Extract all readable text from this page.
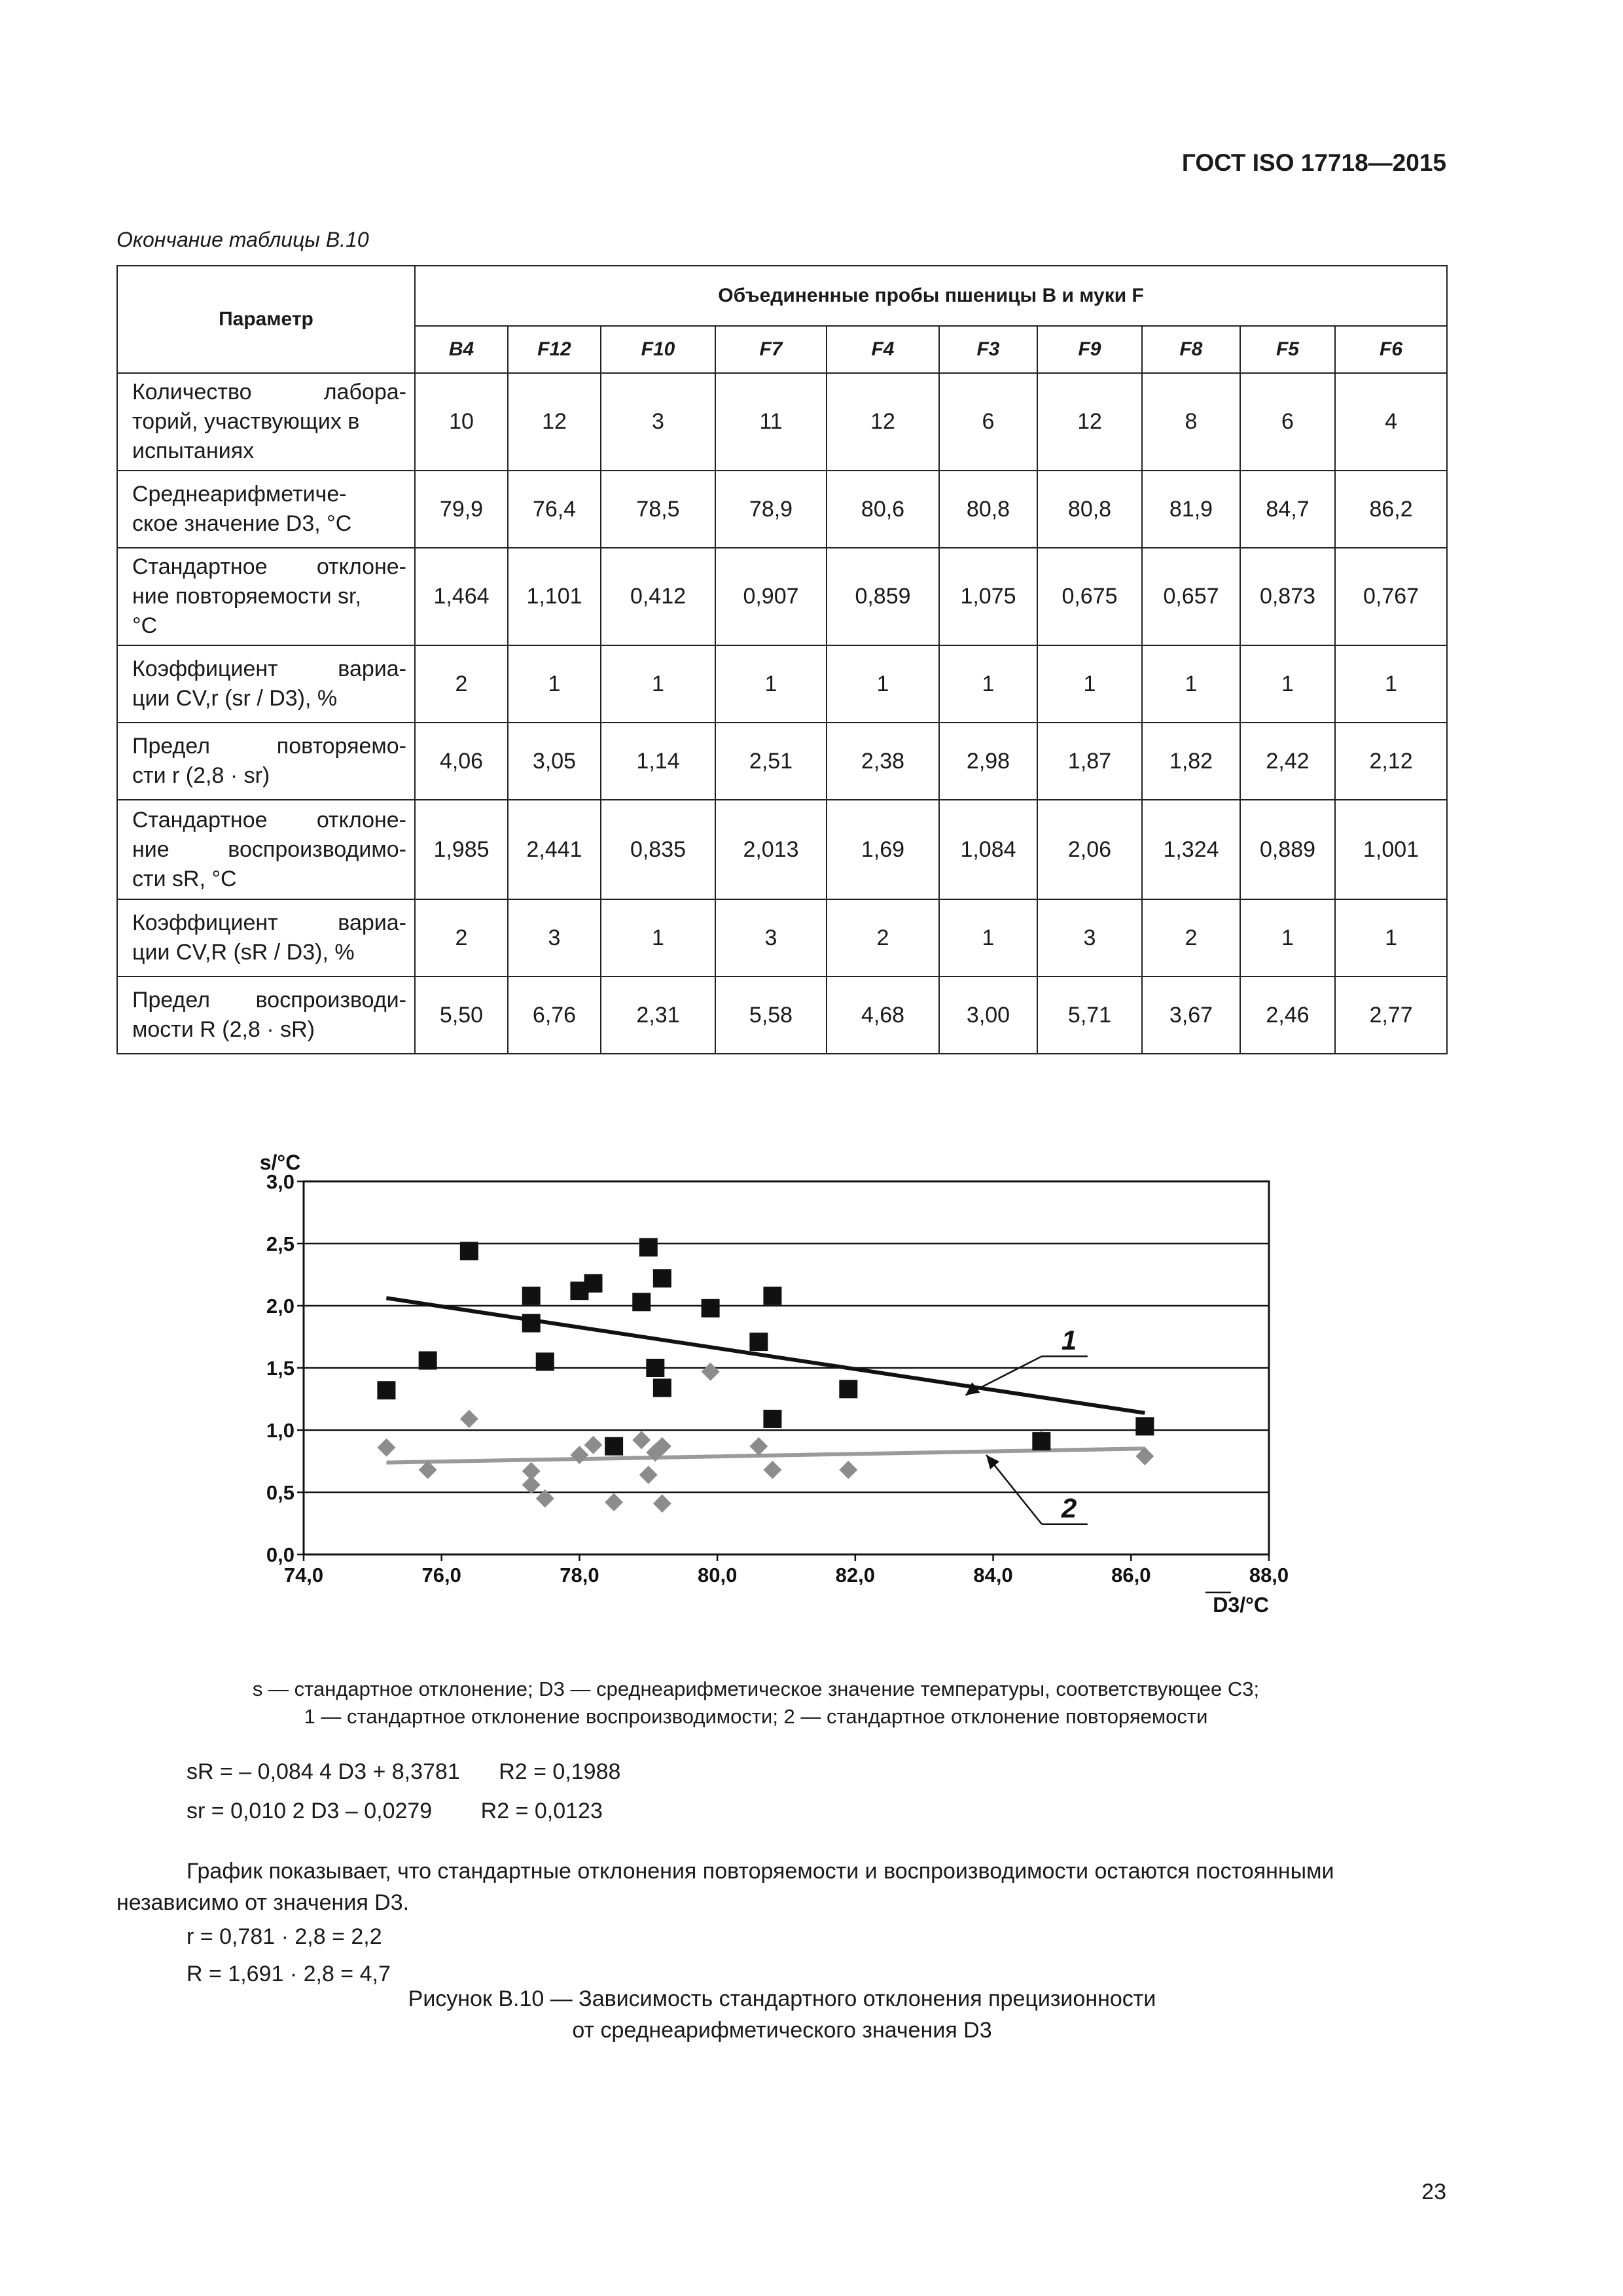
ГОСТ ISO 17718—2015
Окончание таблицы В.10
Параметр	Объединенные пробы пшеницы B и муки F									
	B4	F12	F10	F7	F4	F3	F9	F8	F5	F6

Количество лабора-
торий, участвующих в
испытаниях	10	12	3	11	12	6	12	8	6	4

Среднеарифметиче-
ское значение D3, °C	79,9	76,4	78,5	78,9	80,6	80,8	80,8	81,9	84,7	86,2

Стандартное отклоне-
ние повторяемости sr,
°C	1,464	1,101	0,412	0,907	0,859	1,075	0,675	0,657	0,873	0,767

Коэффициент вариа-
ции CV,r (sr / D3), %	2	1	1	1	1	1	1	1	1	1

Предел повторяемо-
сти r (2,8 · sr)	4,06	3,05	1,14	2,51	2,38	2,98	1,87	1,82	2,42	2,12

Стандартное отклоне-
ние воспроизводимо-
сти sR, °C	1,985	2,441	0,835	2,013	1,69	1,084	2,06	1,324	0,889	1,001

Коэффициент вариа-
ции CV,R (sR / D3), %	2	3	1	3	2	1	3	2	1	1

Предел воспроизводи-
мости R (2,8 · sR)	5,50	6,76	2,31	5,58	4,68	3,00	5,71	3,67	2,46	2,77
0,0
0,5
1,0
1,5
2,0
2,5
3,0
74,0	76,0	78,0	80,0	82,0	84,0	86,0	88,0
s/°C
D3/°C
1
2
s — стандартное отклонение; D3 — среднеарифметическое значение температуры, соответствующее С3;
1 — стандартное отклонение воспроизводимости; 2 — стандартное отклонение повторяемости
sR = – 0,084 4 D3 + 8,3781 R2 = 0,1988
sr = 0,010 2 D3 – 0,0279 R2 = 0,0123
График показывает, что стандартные отклонения повторяемости и воспроизводимости остаются постоянными независимо от значения D3.
r = 0,781 · 2,8 = 2,2
R = 1,691 · 2,8 = 4,7
Рисунок В.10 — Зависимость стандартного отклонения прецизионности
от среднеарифметического значения D3
23
